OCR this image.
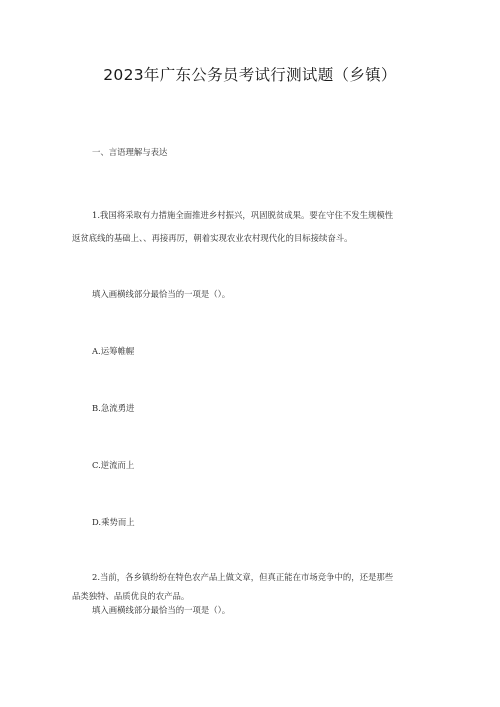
2023年广东公务员考试行测试题（乡镇）
一、言语理解与表达
1.我国将采取有力措施全面推进乡村振兴，巩固脱贫成果。要在守住不发生规模性
返贫底线的基础上、、再接再厉，朝着实现农业农村现代化的目标接续奋斗。
填入画横线部分最恰当的一项是（）。
A.运筹帷幄
B.急流勇进
C.逆流而上
D.乘势而上
2.当前，各乡镇纷纷在特色农产品上做文章，但真正能在市场竞争中的，还是那些
品类独特、品质优良的农产品。
填入画横线部分最恰当的一项是（）。
